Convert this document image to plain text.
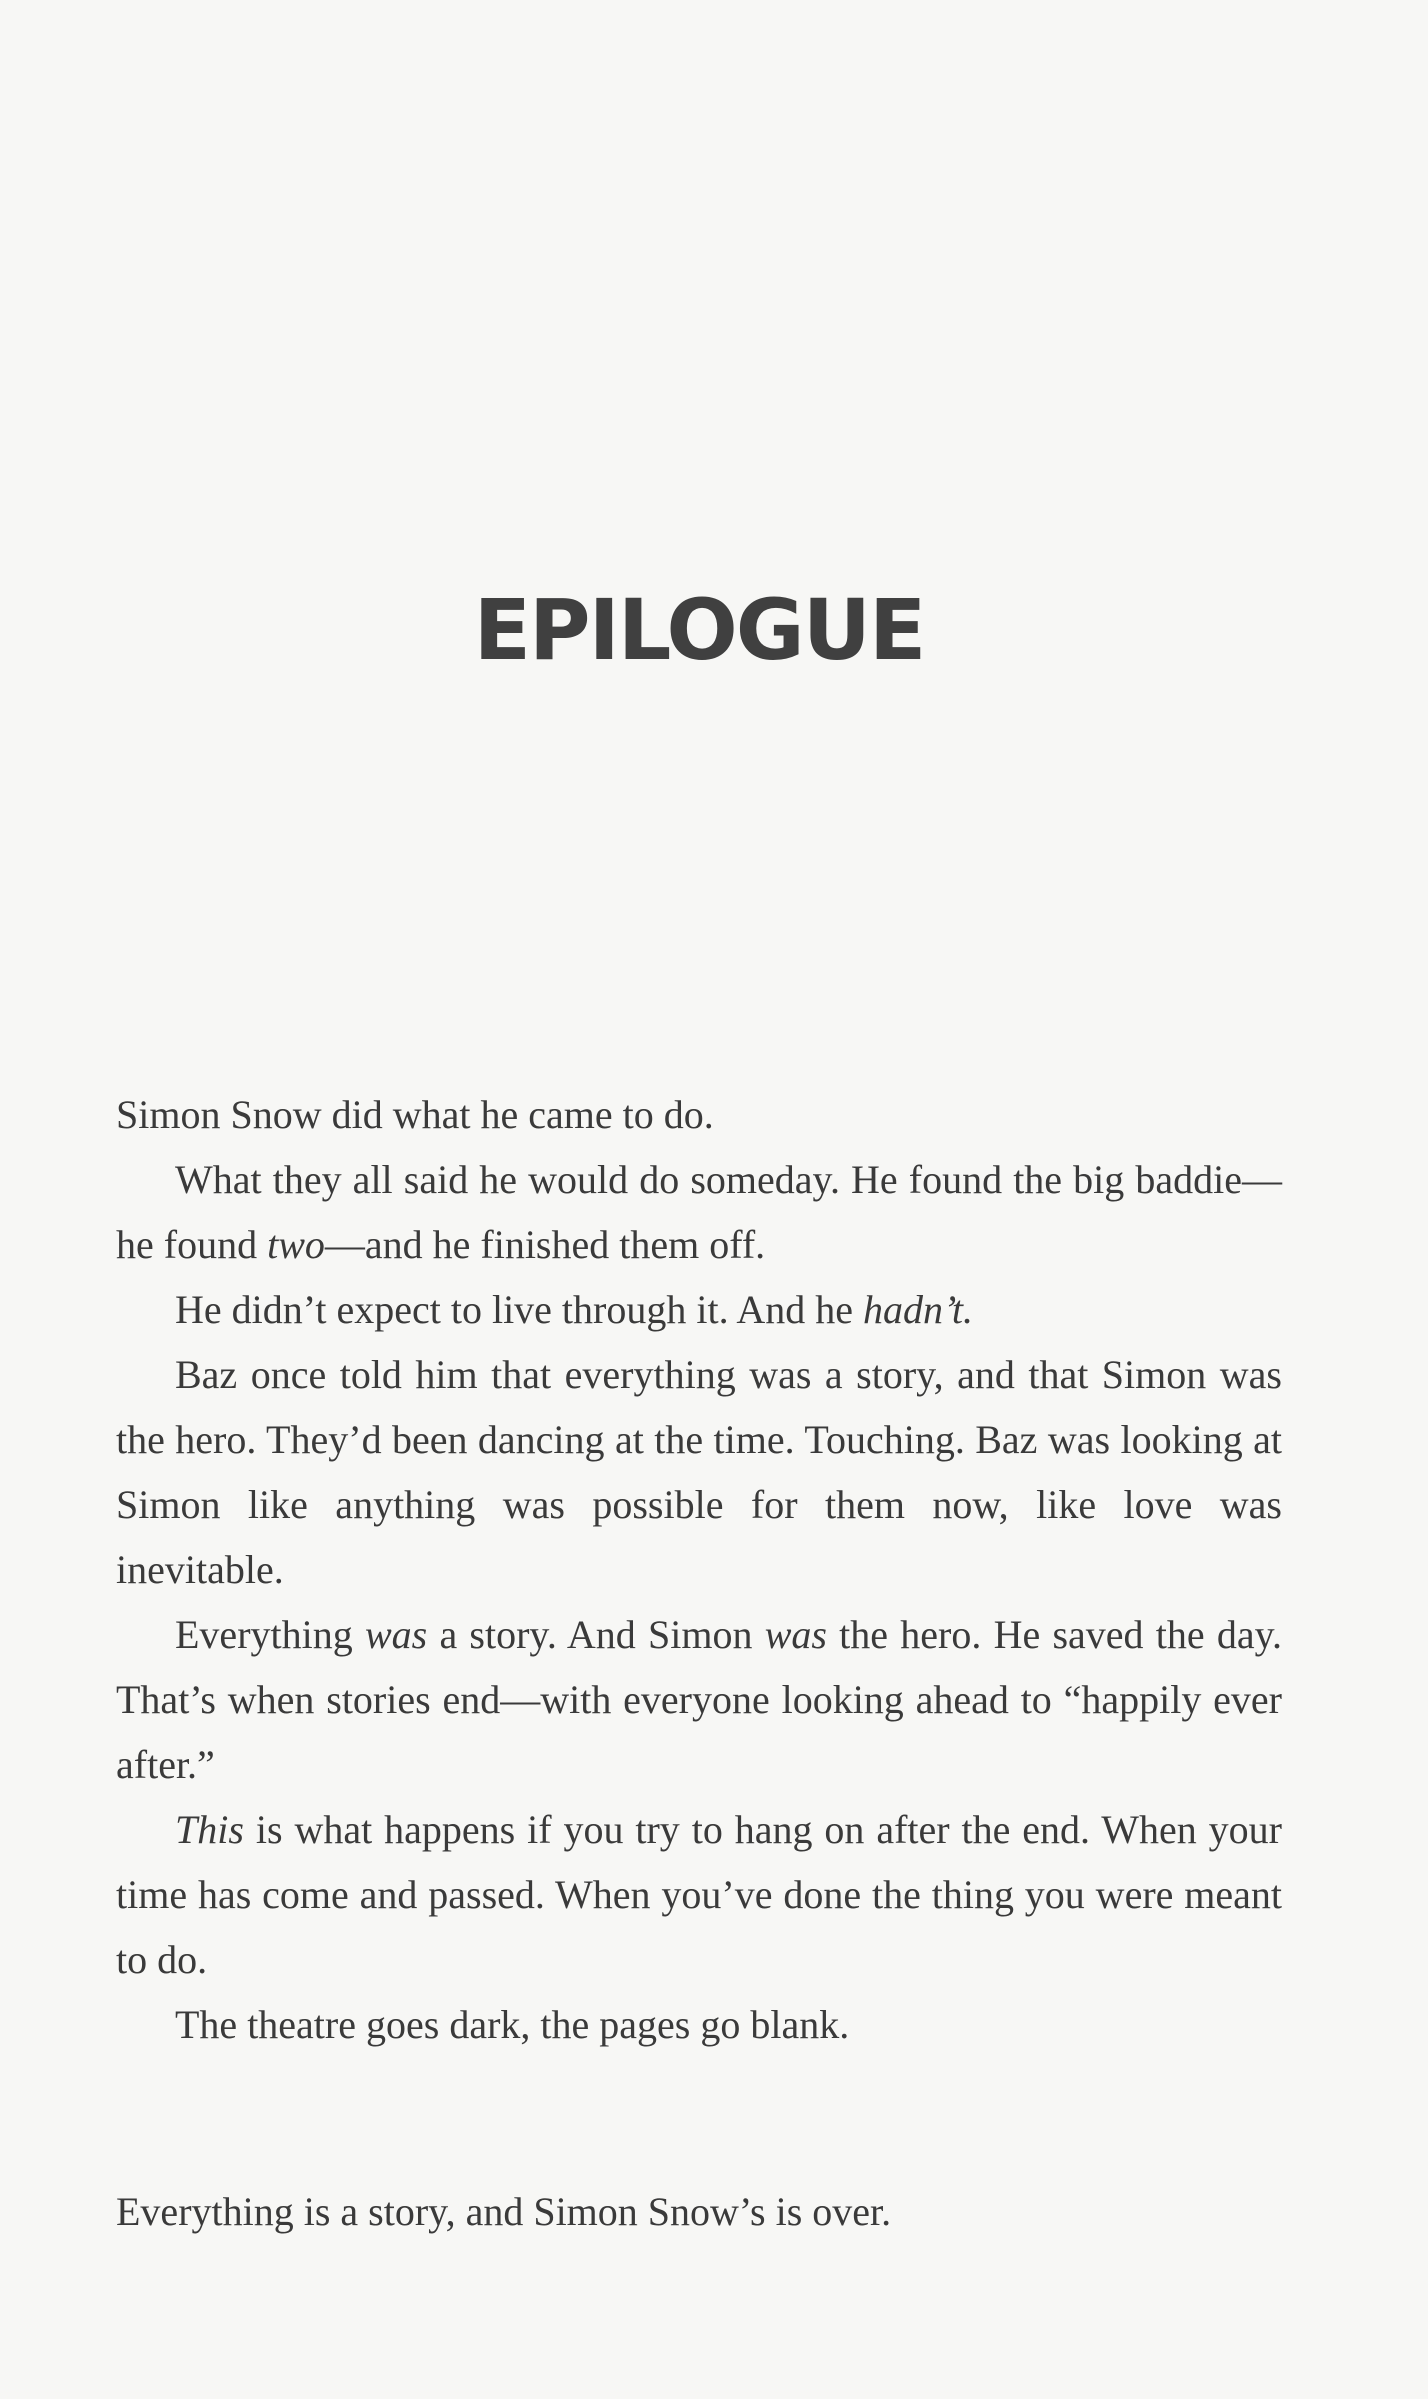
EPILOGUE

Simon Snow did what he came to do.

What they all said he would do someday. He found the big baddie—he found two—and he finished them off.

He didn’t expect to live through it. And he hadn’t.

Baz once told him that everything was a story, and that Simon was the hero. They’d been dancing at the time. Touching. Baz was looking at Simon like anything was possible for them now, like love was inevitable.

Everything was a story. And Simon was the hero. He saved the day. That’s when stories end—with everyone looking ahead to “happily ever after.”

This is what happens if you try to hang on after the end. When your time has come and passed. When you’ve done the thing you were meant to do.

The theatre goes dark, the pages go blank.

Everything is a story, and Simon Snow’s is over.
